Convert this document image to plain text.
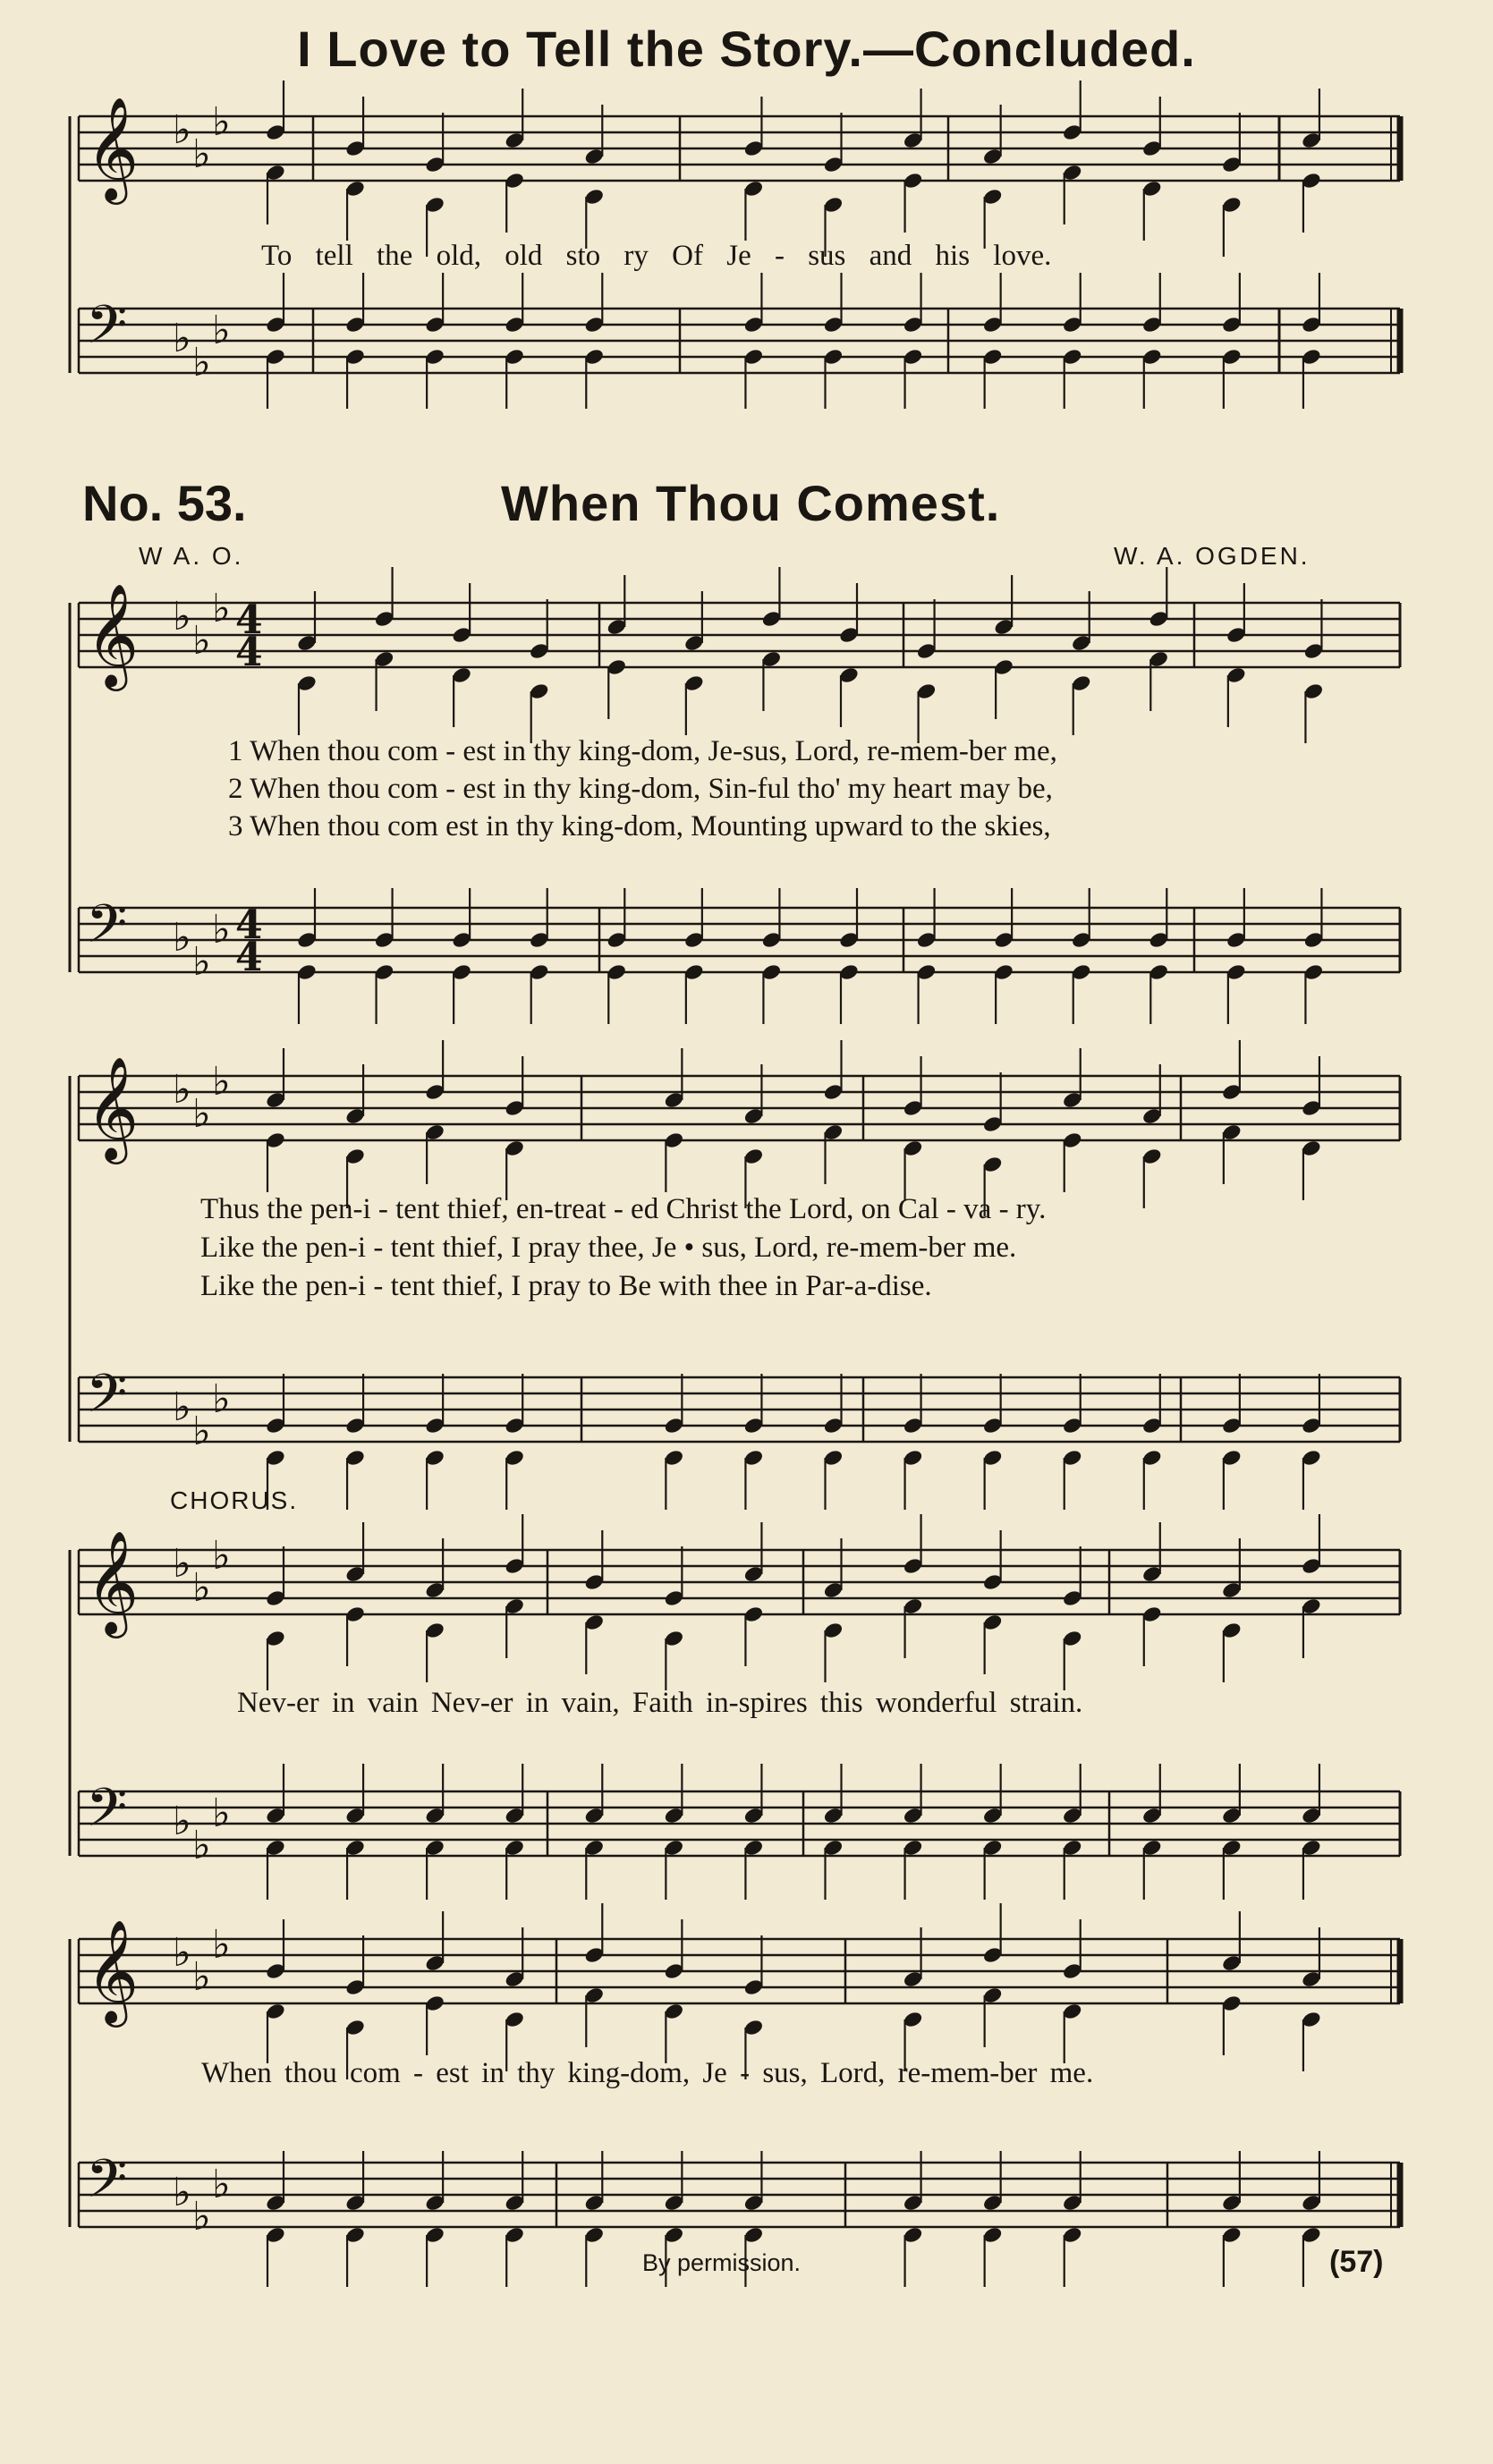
I Love to Tell the Story.—Concluded.
No. 53.	When Thou Comest.
W A. O.	W. A. OGDEN.
To tell the old, old sto ry Of Je - sus and his love.
1 When thou com - est in thy king-dom, Je-sus, Lord, re-mem-ber me,
2 When thou com - est in thy king-dom, Sin-ful tho' my heart may be,
3 When thou com est in thy king-dom, Mounting upward to the skies,
Thus the pen-i - tent thief, en-treat - ed Christ the Lord, on Cal - va - ry.
Like the pen-i - tent thief, I pray thee, Je • sus, Lord, re-mem-ber me.
Like the pen-i - tent thief, I pray to Be with thee in Par-a-dise.
CHORUS.
Nev-er in vain Nev-er in vain, Faith in-spires this wonderful strain.
When thou com - est in thy king-dom, Je - sus, Lord, re-mem-ber me.
By permission.	(57)
𝄞 ♭
♭
♭
𝄢 ♭
♭
♭
𝄞 ♭
♭
♭
𝄢 ♭
♭
♭
4
4
4
4
𝄞 ♭
♭
♭
𝄢 ♭
♭
♭
𝄞 ♭
♭
♭
𝄢 ♭
♭
♭
𝄞 ♭
♭
♭
𝄢 ♭
♭
♭
